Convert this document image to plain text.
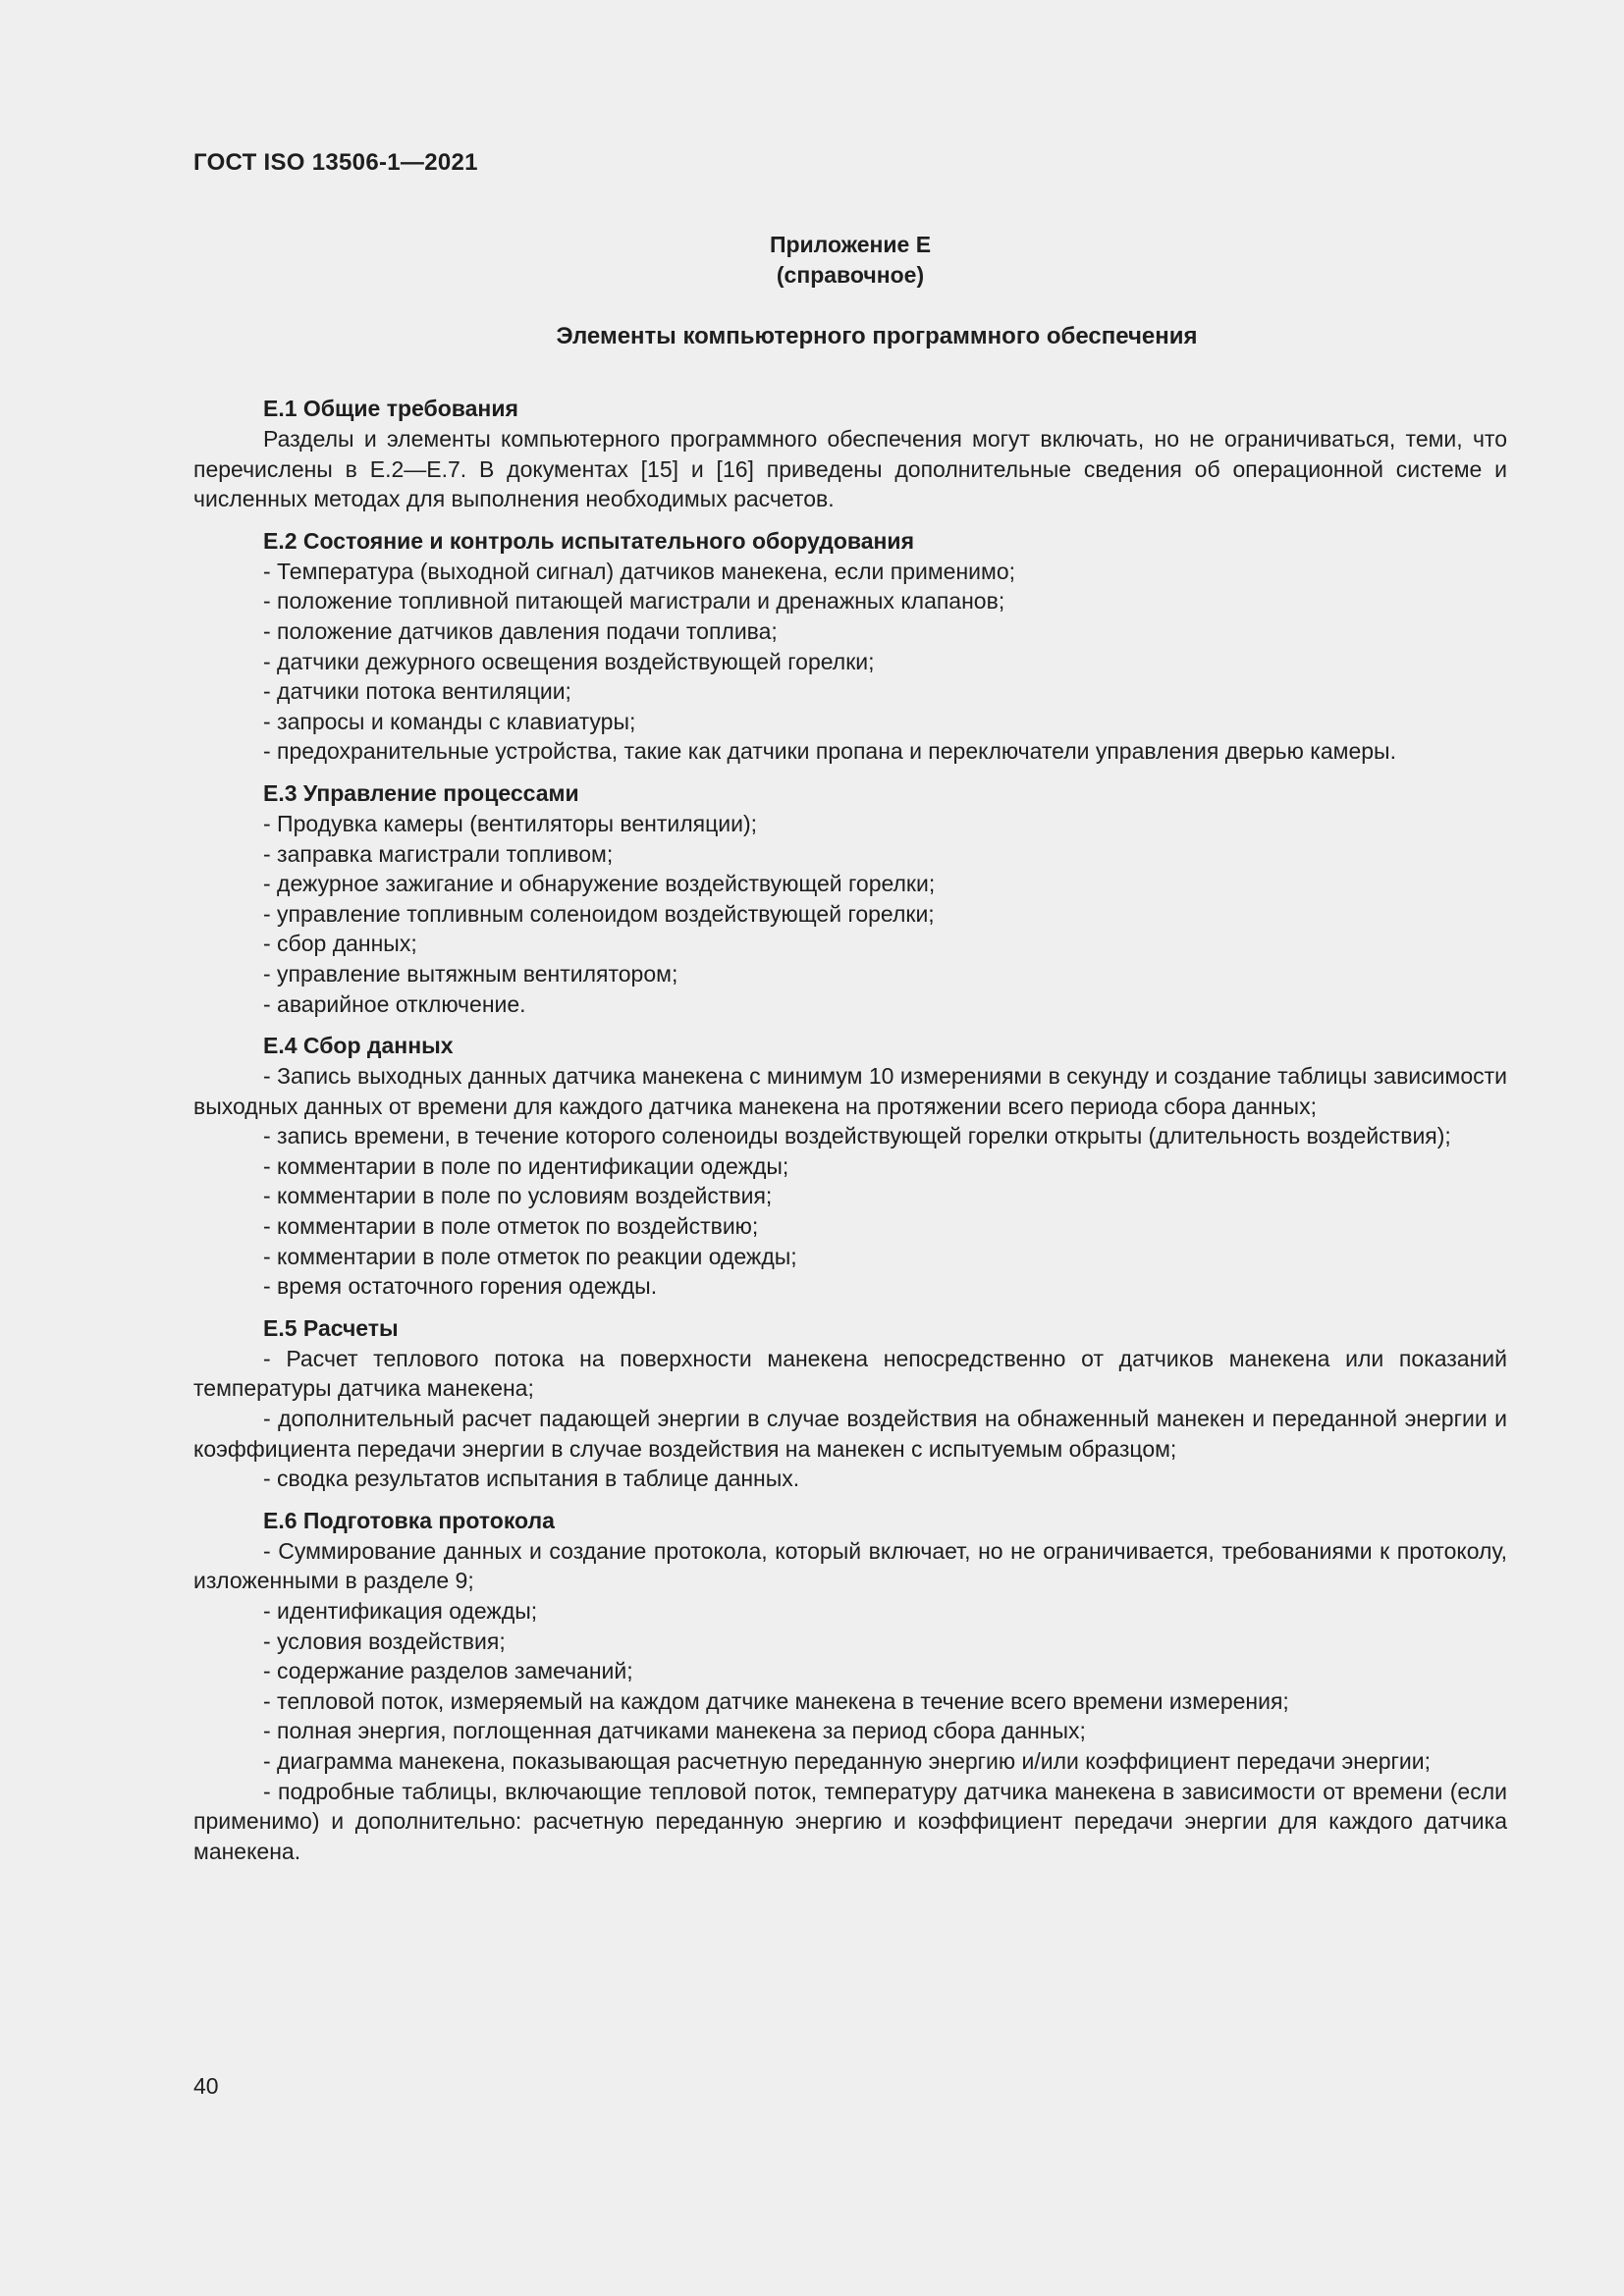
ГОСТ ISO 13506-1—2021

Приложение Е

(справочное)

Элементы компьютерного программного обеспечения
Е.1 Общие требования

Разделы и элементы компьютерного программного обеспечения могут включать, но не ограничиваться, теми, что перечислены в Е.2—Е.7. В документах [15] и [16] приведены дополнительные сведения об операционной системе и численных методах для выполнения необходимых расчетов.

Е.2 Состояние и контроль испытательного оборудования

- Температура (выходной сигнал) датчиков манекена, если применимо;

- положение топливной питающей магистрали и дренажных клапанов;

- положение датчиков давления подачи топлива;

- датчики дежурного освещения воздействующей горелки;

- датчики потока вентиляции;

- запросы и команды с клавиатуры;

- предохранительные устройства, такие как датчики пропана и переключатели управления дверью камеры.

Е.3 Управление процессами

- Продувка камеры (вентиляторы вентиляции);

- заправка магистрали топливом;

- дежурное зажигание и обнаружение воздействующей горелки;

- управление топливным соленоидом воздействующей горелки;

- сбор данных;

- управление вытяжным вентилятором;

- аварийное отключение.

Е.4 Сбор данных

- Запись выходных данных датчика манекена с минимум 10 измерениями в секунду и создание таблицы зависимости выходных данных от времени для каждого датчика манекена на протяжении всего периода сбора данных;

- запись времени, в течение которого соленоиды воздействующей горелки открыты (длительность воздействия);

- комментарии в поле по идентификации одежды;

- комментарии в поле по условиям воздействия;

- комментарии в поле отметок по воздействию;

- комментарии в поле отметок по реакции одежды;

- время остаточного горения одежды.

Е.5 Расчеты

- Расчет теплового потока на поверхности манекена непосредственно от датчиков манекена или показаний температуры датчика манекена;

- дополнительный расчет падающей энергии в случае воздействия на обнаженный манекен и переданной энергии и коэффициента передачи энергии в случае воздействия на манекен с испытуемым образцом;

- сводка результатов испытания в таблице данных.

Е.6 Подготовка протокола

- Суммирование данных и создание протокола, который включает, но не ограничивается, требованиями к протоколу, изложенными в разделе 9;

- идентификация одежды;

- условия воздействия;

- содержание разделов замечаний;

- тепловой поток, измеряемый на каждом датчике манекена в течение всего времени измерения;

- полная энергия, поглощенная датчиками манекена за период сбора данных;

- диаграмма манекена, показывающая расчетную переданную энергию и/или коэффициент передачи энергии;

- подробные таблицы, включающие тепловой поток, температуру датчика манекена в зависимости от времени (если применимо) и дополнительно: расчетную переданную энергию и коэффициент передачи энергии для каждого датчика манекена.

40
